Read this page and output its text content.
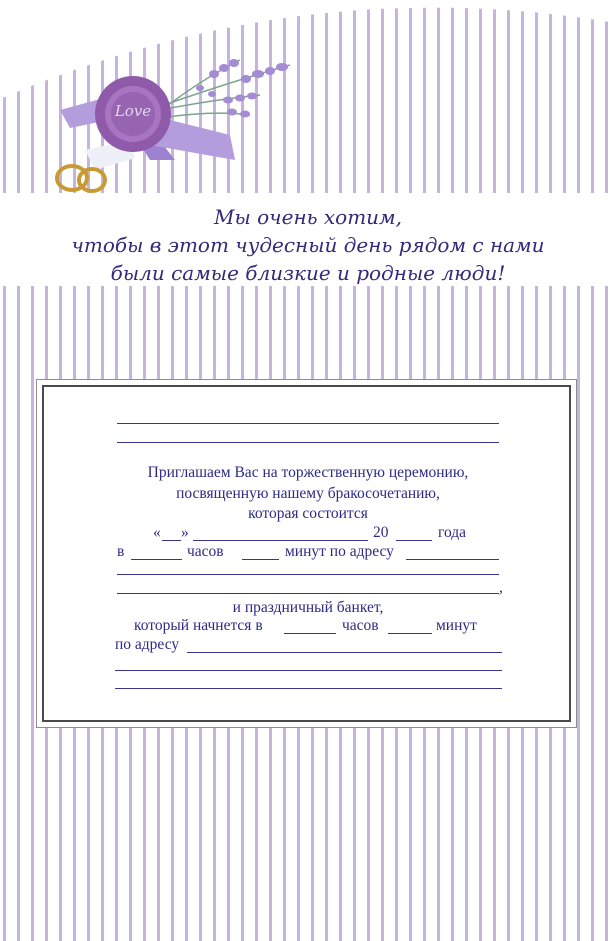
Love
Мы очень хотим,
чтобы в этот чудесный день рядом с нами
были самые близкие и родные люди!
Приглашаем Вас на торжественную церемонию,
посвященную нашему бракосочетанию,
которая состоится
« »	20	года
в	часов	минут по адресу
,
и праздничный банкет,
который начнется в	часов	минут
по адресу
